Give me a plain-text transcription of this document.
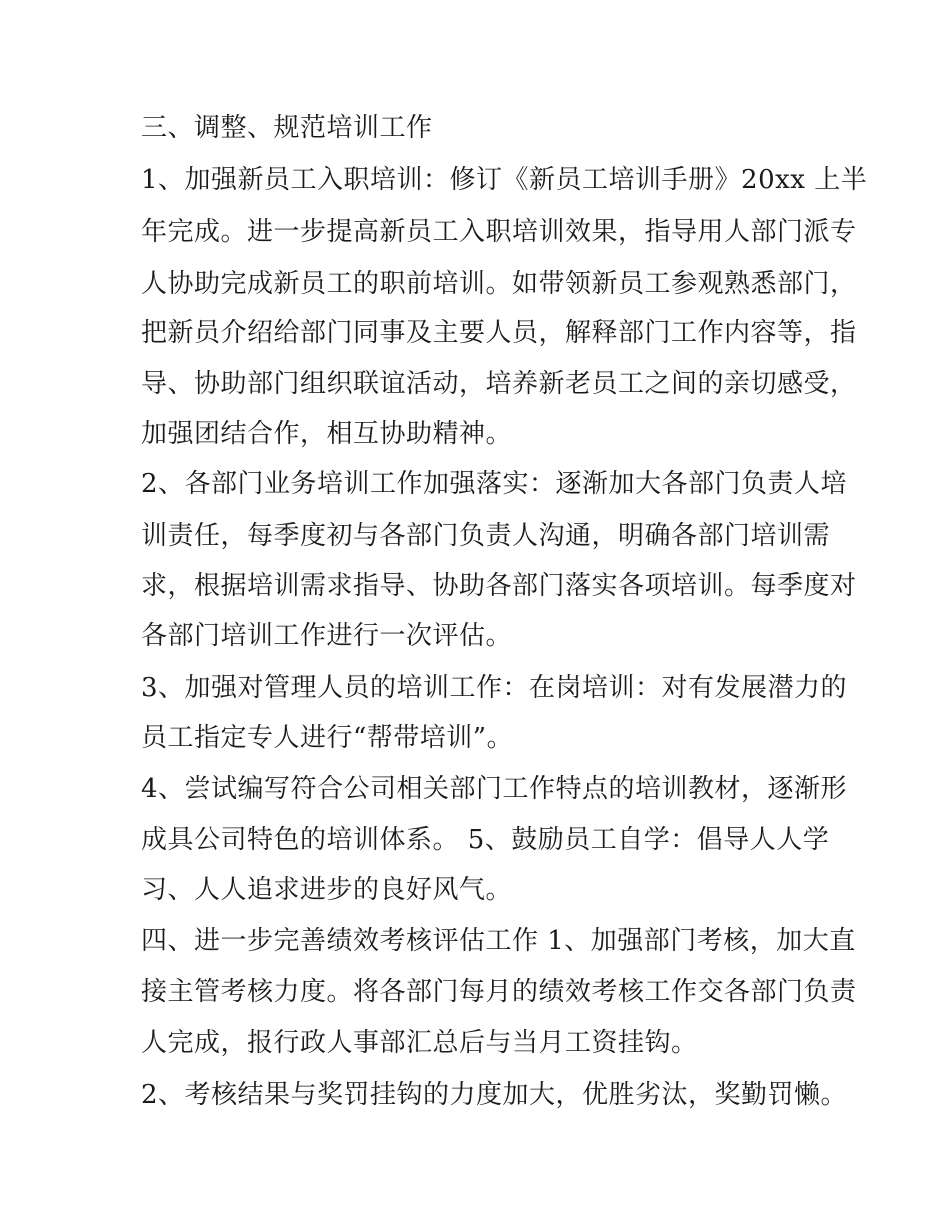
三、调整、规范培训工作
1、加强新员工入职培训：修订《新员工培训手册》20xx 上半
年完成。进一步提高新员工入职培训效果，指导用人部门派专
人协助完成新员工的职前培训。如带领新员工参观熟悉部门，
把新员介绍给部门同事及主要人员，解释部门工作内容等，指
导、协助部门组织联谊活动，培养新老员工之间的亲切感受，
加强团结合作，相互协助精神。
2、各部门业务培训工作加强落实：逐渐加大各部门负责人培
训责任，每季度初与各部门负责人沟通，明确各部门培训需
求，根据培训需求指导、协助各部门落实各项培训。每季度对
各部门培训工作进行一次评估。
3、加强对管理人员的培训工作：在岗培训：对有发展潜力的
员工指定专人进行“帮带培训”。
4、尝试编写符合公司相关部门工作特点的培训教材，逐渐形
成具公司特色的培训体系。 5、鼓励员工自学：倡导人人学
习、人人追求进步的良好风气。
四、进一步完善绩效考核评估工作 1、加强部门考核，加大直
接主管考核力度。将各部门每月的绩效考核工作交各部门负责
人完成，报行政人事部汇总后与当月工资挂钩。
2、考核结果与奖罚挂钩的力度加大，优胜劣汰，奖勤罚懒。
